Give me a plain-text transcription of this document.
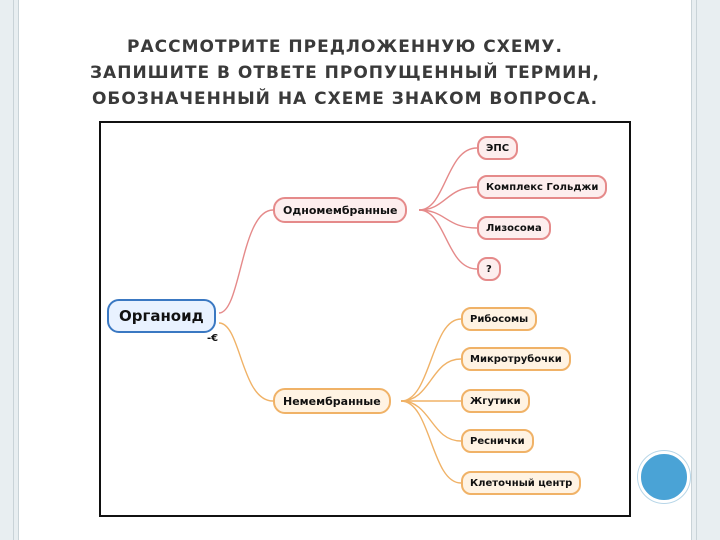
РАССМОТРИТЕ ПРЕДЛОЖЕННУЮ СХЕМУ.
ЗАПИШИТЕ В ОТВЕТЕ ПРОПУЩЕННЫЙ ТЕРМИН,
ОБОЗНАЧЕННЫЙ НА СХЕМЕ ЗНАКОМ ВОПРОСА.
Органоид
-€
Одномембранные
Немембранные
ЭПС
Комплекс Гольджи
Лизосома
?
Рибосомы
Микротрубочки
Жгутики
Реснички
Клеточный центр
